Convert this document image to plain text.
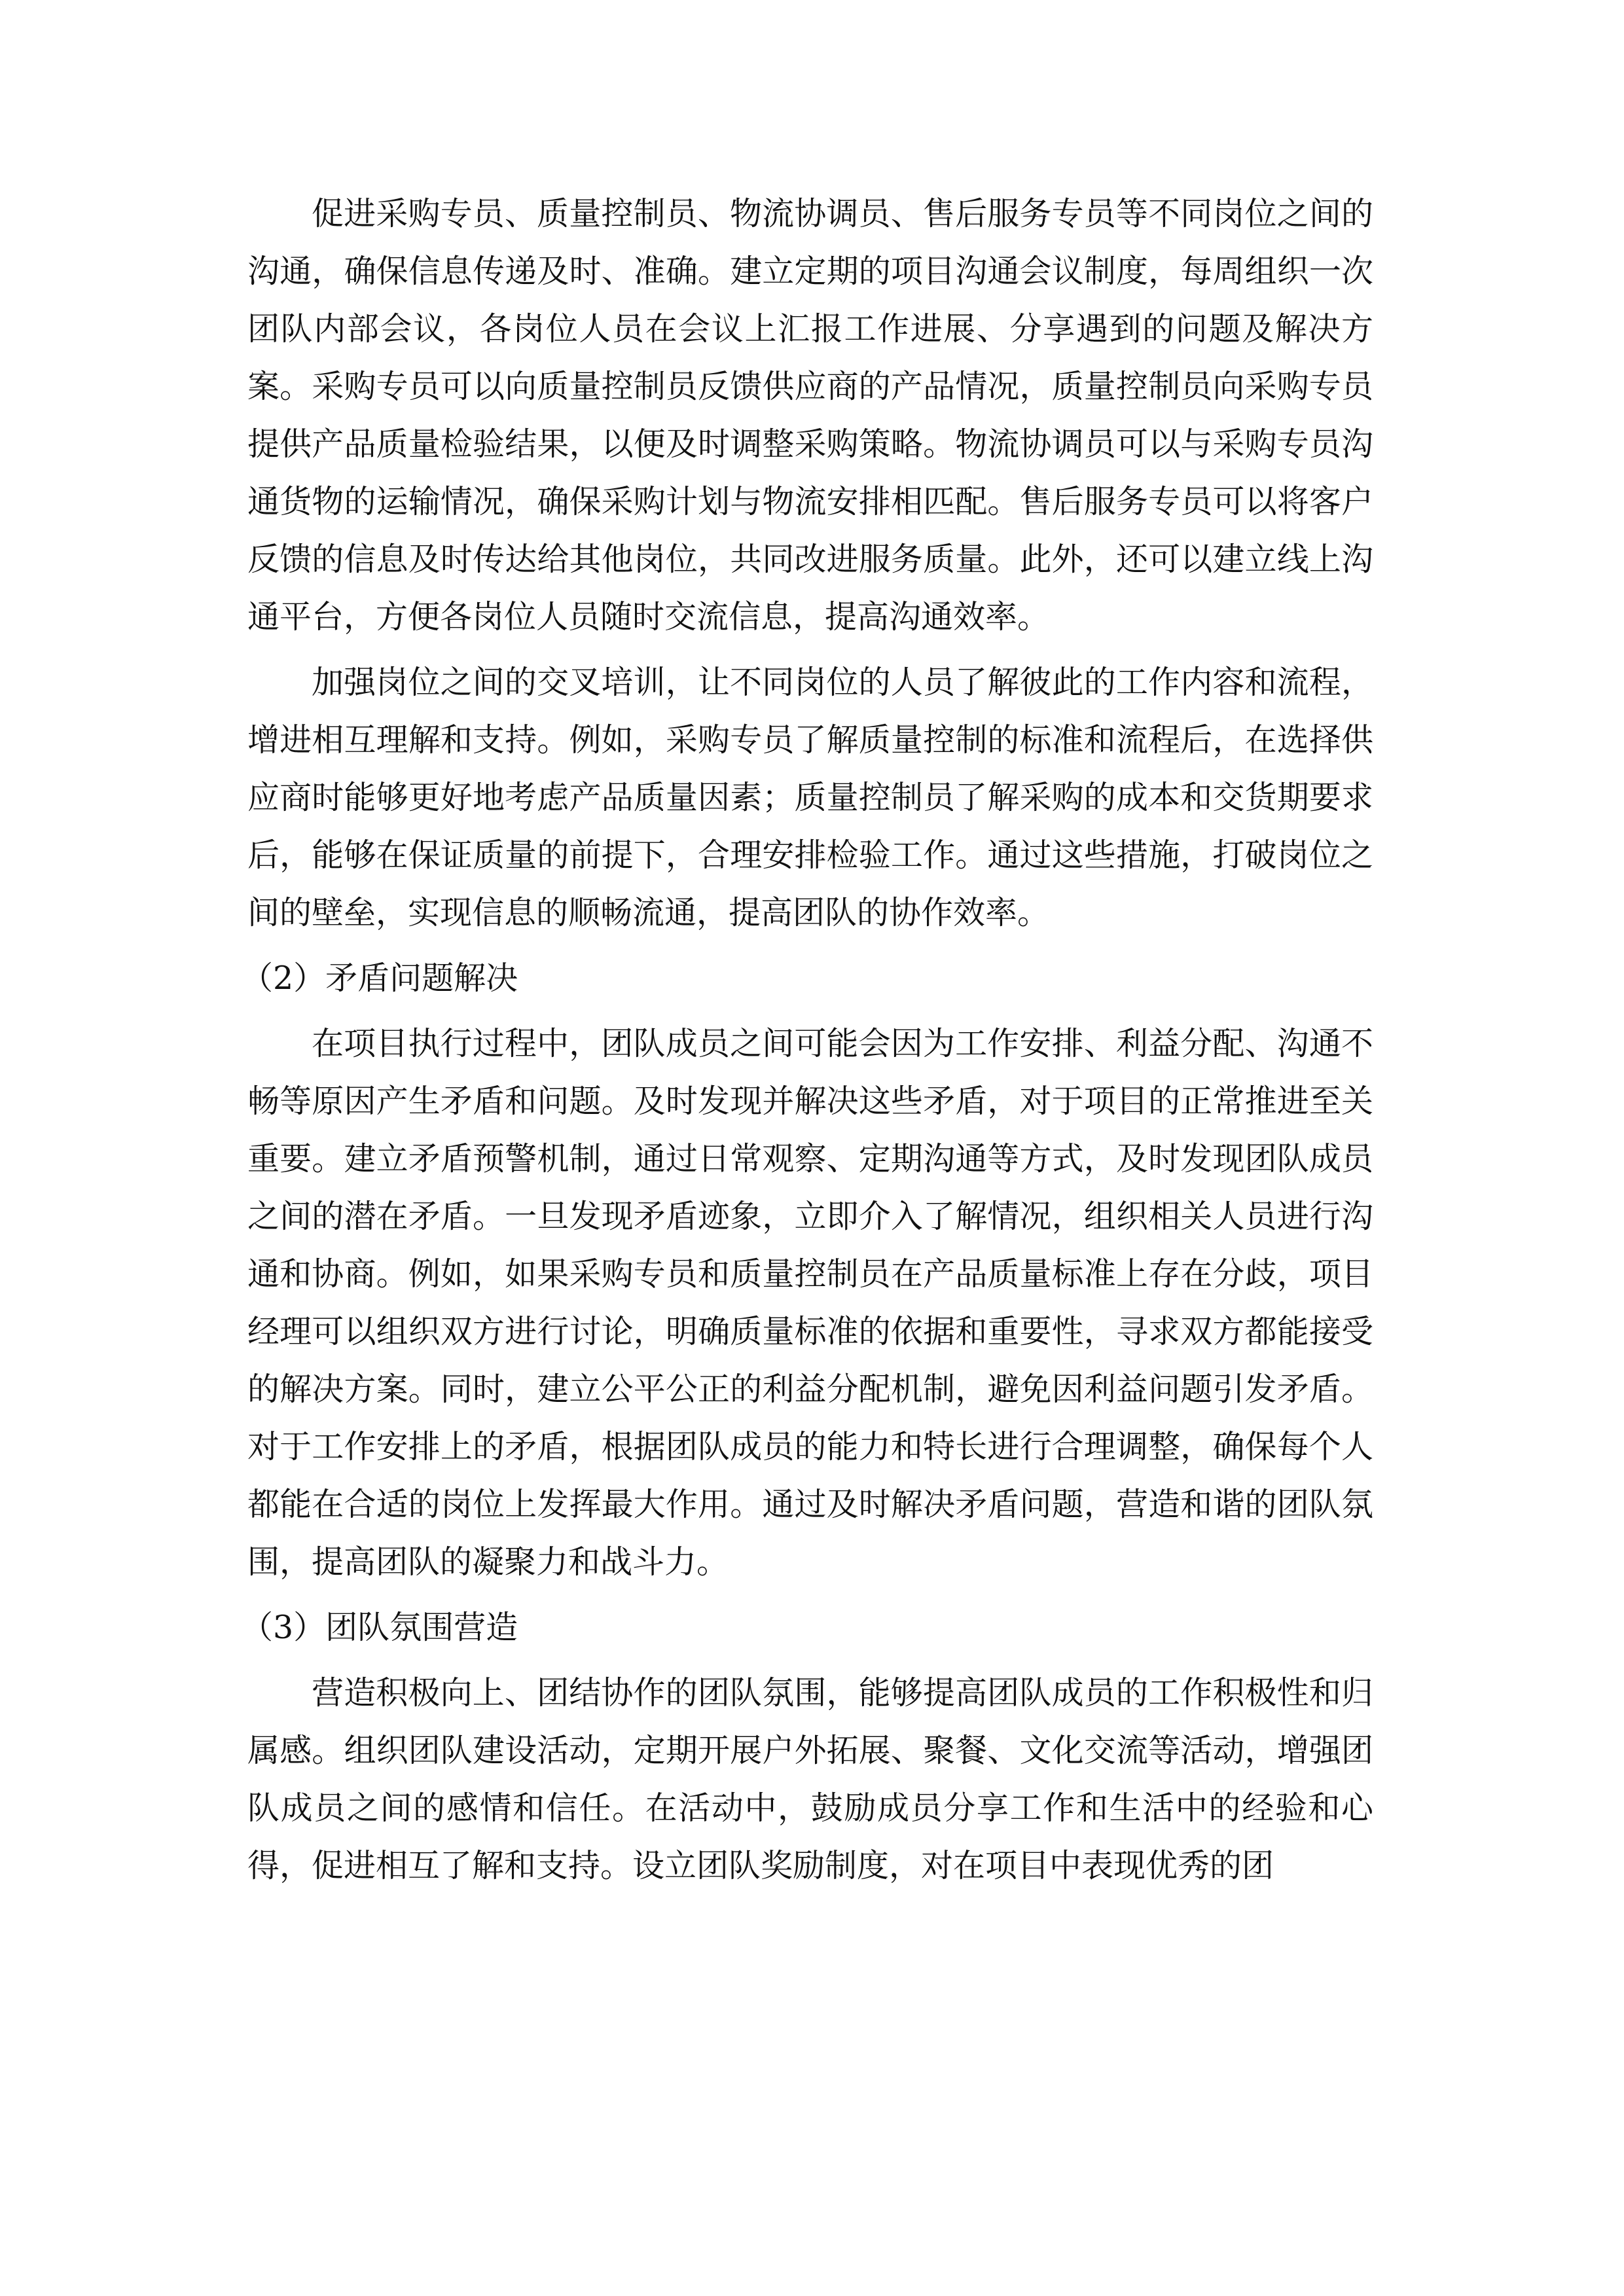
促进采购专员、质量控制员、物流协调员、售后服务专员等不同岗位之间的沟通，确保信息传递及时、准确。建立定期的项目沟通会议制度，每周组织一次团队内部会议，各岗位人员在会议上汇报工作进展、分享遇到的问题及解决方案。采购专员可以向质量控制员反馈供应商的产品情况，质量控制员向采购专员提供产品质量检验结果，以便及时调整采购策略。物流协调员可以与采购专员沟通货物的运输情况，确保采购计划与物流安排相匹配。售后服务专员可以将客户反馈的信息及时传达给其他岗位，共同改进服务质量。此外，还可以建立线上沟通平台，方便各岗位人员随时交流信息，提高沟通效率。

加强岗位之间的交叉培训，让不同岗位的人员了解彼此的工作内容和流程，增进相互理解和支持。例如，采购专员了解质量控制的标准和流程后，在选择供应商时能够更好地考虑产品质量因素；质量控制员了解采购的成本和交货期要求后，能够在保证质量的前提下，合理安排检验工作。通过这些措施，打破岗位之间的壁垒，实现信息的顺畅流通，提高团队的协作效率。

（2）矛盾问题解决

在项目执行过程中，团队成员之间可能会因为工作安排、利益分配、沟通不畅等原因产生矛盾和问题。及时发现并解决这些矛盾，对于项目的正常推进至关重要。建立矛盾预警机制，通过日常观察、定期沟通等方式，及时发现团队成员之间的潜在矛盾。一旦发现矛盾迹象，立即介入了解情况，组织相关人员进行沟通和协商。例如，如果采购专员和质量控制员在产品质量标准上存在分歧，项目经理可以组织双方进行讨论，明确质量标准的依据和重要性，寻求双方都能接受的解决方案。同时，建立公平公正的利益分配机制，避免因利益问题引发矛盾。对于工作安排上的矛盾，根据团队成员的能力和特长进行合理调整，确保每个人都能在合适的岗位上发挥最大作用。通过及时解决矛盾问题，营造和谐的团队氛围，提高团队的凝聚力和战斗力。

（3）团队氛围营造

营造积极向上、团结协作的团队氛围，能够提高团队成员的工作积极性和归属感。组织团队建设活动，定期开展户外拓展、聚餐、文化交流等活动，增强团队成员之间的感情和信任。在活动中，鼓励成员分享工作和生活中的经验和心得，促进相互了解和支持。设立团队奖励制度，对在项目中表现优秀的团
